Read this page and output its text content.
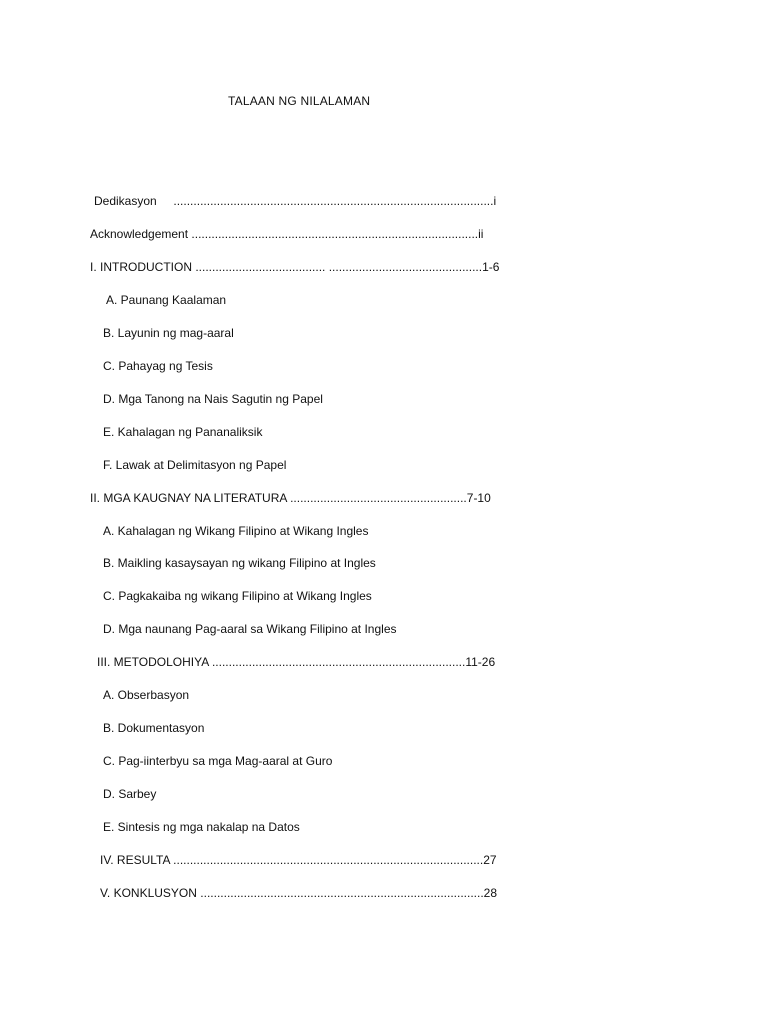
TALAAN NG NILALAMAN
Dedikasyon ................................................................................................i
Acknowledgement ......................................................................................ii
I. INTRODUCTION ....................................... ..............................................1-6
A. Paunang Kaalaman
B. Layunin ng mag-aaral
C. Pahayag ng Tesis
D. Mga Tanong na Nais Sagutin ng Papel
E. Kahalagan ng Pananaliksik
F. Lawak at Delimitasyon ng Papel
II. MGA KAUGNAY NA LITERATURA .....................................................7-10
A. Kahalagan ng Wikang Filipino at Wikang Ingles
B. Maikling kasaysayan ng wikang Filipino at Ingles
C. Pagkakaiba ng wikang Filipino at Wikang Ingles
D. Mga naunang Pag-aaral sa Wikang Filipino at Ingles
III. METODOLOHIYA ............................................................................11-26
A. Obserbasyon
B. Dokumentasyon
C. Pag-iinterbyu sa mga Mag-aaral at Guro
D. Sarbey
E. Sintesis ng mga nakalap na Datos
IV. RESULTA .............................................................................................27
V. KONKLUSYON .....................................................................................28
